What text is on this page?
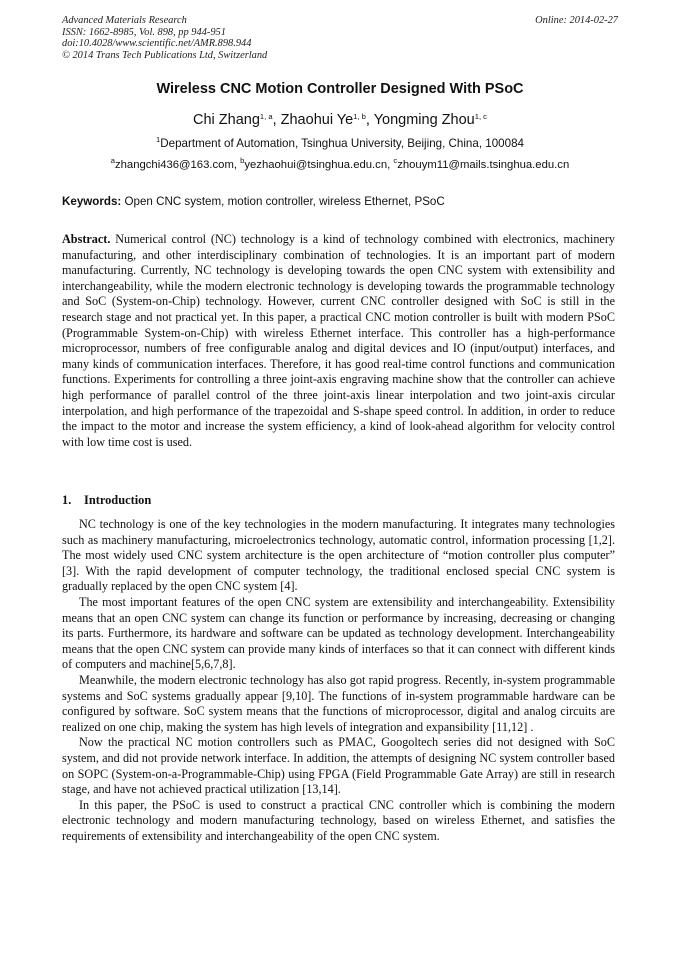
Advanced Materials Research
ISSN: 1662-8985, Vol. 898, pp 944-951
doi:10.4028/www.scientific.net/AMR.898.944
© 2014 Trans Tech Publications Ltd, Switzerland
Online: 2014-02-27
Wireless CNC Motion Controller Designed With PSoC
Chi Zhang$^{1, a}$, Zhaohui Ye$^{1, b}$, Yongming Zhou$^{1, c}$
$^1$Department of Automation, Tsinghua University, Beijing, China, 100084
$^a$zhangchi436@163.com, $^b$yezhaohui@tsinghua.edu.cn, $^c$zhouym11@mails.tsinghua.edu.cn
Keywords: Open CNC system, motion controller, wireless Ethernet, PSoC
Abstract. Numerical control (NC) technology is a kind of technology combined with electronics, machinery manufacturing, and other interdisciplinary combination of technologies. It is an important part of modern manufacturing. Currently, NC technology is developing towards the open CNC system with extensibility and interchangeability, while the modern electronic technology is developing towards the programmable technology and SoC (System-on-Chip) technology. However, current CNC controller designed with SoC is still in the research stage and not practical yet. In this paper, a practical CNC motion controller is built with modern PSoC (Programmable System-on-Chip) with wireless Ethernet interface. This controller has a high-performance microprocessor, numbers of free configurable analog and digital devices and IO (input/output) interfaces, and many kinds of communication interfaces. Therefore, it has good real-time control functions and communication functions. Experiments for controlling a three joint-axis engraving machine show that the controller can achieve high performance of parallel control of the three joint-axis linear interpolation and two joint-axis circular interpolation, and high performance of the trapezoidal and S-shape speed control. In addition, in order to reduce the impact to the motor and increase the system efficiency, a kind of look-ahead algorithm for velocity control with low time cost is used.
1. Introduction

NC technology is one of the key technologies in the modern manufacturing. It integrates many technologies such as machinery manufacturing, microelectronics technology, automatic control, information processing [1,2]. The most widely used CNC system architecture is the open architecture of “motion controller plus computer” [3]. With the rapid development of computer technology, the traditional enclosed special CNC system is gradually replaced by the open CNC system [4].

The most important features of the open CNC system are extensibility and interchangeability. Extensibility means that an open CNC system can change its function or performance by increasing, decreasing or changing its parts. Furthermore, its hardware and software can be updated as technology development. Interchangeability means that the open CNC system can provide many kinds of interfaces so that it can connect with different kinds of computers and machine[5,6,7,8].

Meanwhile, the modern electronic technology has also got rapid progress. Recently, in-system programmable systems and SoC systems gradually appear [9,10]. The functions of in-system programmable hardware can be configured by software. SoC system means that the functions of microprocessor, digital and analog circuits are realized on one chip, making the system has high levels of integration and expansibility [11,12] .

Now the practical NC motion controllers such as PMAC, Googoltech series did not designed with SoC system, and did not provide network interface. In addition, the attempts of designing NC system controller based on SOPC (System-on-a-Programmable-Chip) using FPGA (Field Programmable Gate Array) are still in research stage, and have not achieved practical utilization [13,14].

In this paper, the PSoC is used to construct a practical CNC controller which is combining the modern electronic technology and modern manufacturing technology, based on wireless Ethernet, and satisfies the requirements of extensibility and interchangeability of the open CNC system.
